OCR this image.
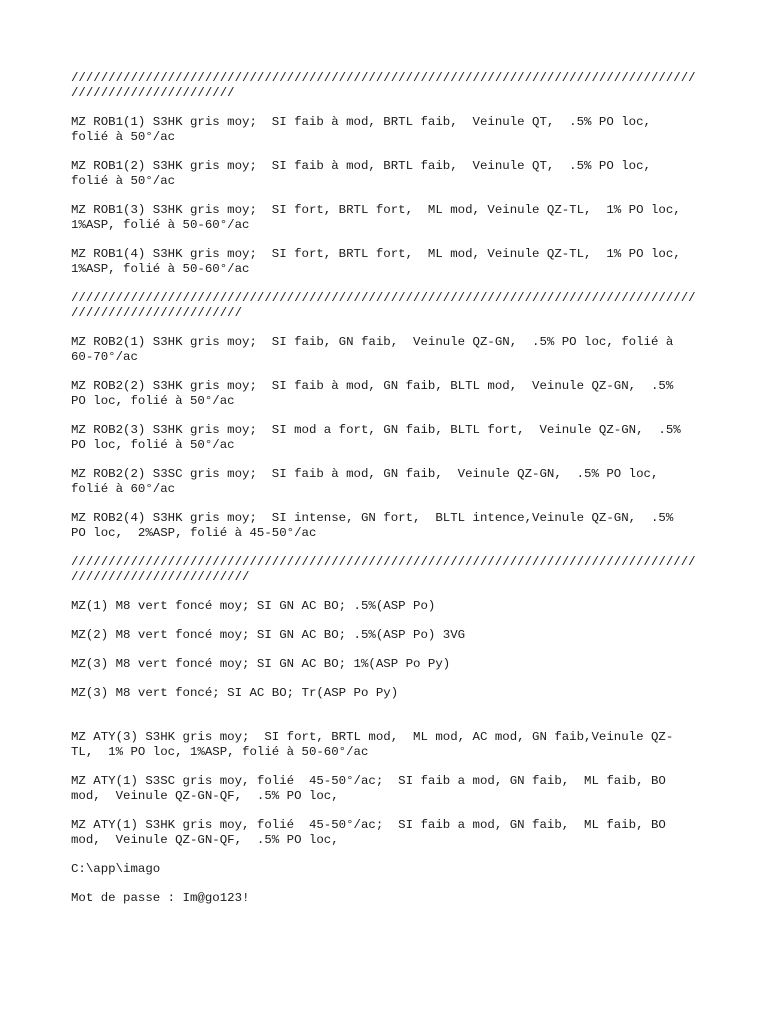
////////////////////////////////////////////////////////////////////////////////////
//////////////////////
MZ ROB1(1) S3HK gris moy;  SI faib à mod, BRTL faib,  Veinule QT,  .5% PO loc,
folié à 50°/ac
MZ ROB1(2) S3HK gris moy;  SI faib à mod, BRTL faib,  Veinule QT,  .5% PO loc,
folié à 50°/ac
MZ ROB1(3) S3HK gris moy;  SI fort, BRTL fort,  ML mod, Veinule QZ-TL,  1% PO loc,
1%ASP, folié à 50-60°/ac
MZ ROB1(4) S3HK gris moy;  SI fort, BRTL fort,  ML mod, Veinule QZ-TL,  1% PO loc,
1%ASP, folié à 50-60°/ac
////////////////////////////////////////////////////////////////////////////////////
///////////////////////
MZ ROB2(1) S3HK gris moy;  SI faib, GN faib,  Veinule QZ-GN,  .5% PO loc, folié à
60-70°/ac
MZ ROB2(2) S3HK gris moy;  SI faib à mod, GN faib, BLTL mod,  Veinule QZ-GN,  .5%
PO loc, folié à 50°/ac
MZ ROB2(3) S3HK gris moy;  SI mod a fort, GN faib, BLTL fort,  Veinule QZ-GN,  .5%
PO loc, folié à 50°/ac
MZ ROB2(2) S3SC gris moy;  SI faib à mod, GN faib,  Veinule QZ-GN,  .5% PO loc,
folié à 60°/ac
MZ ROB2(4) S3HK gris moy;  SI intense, GN fort,  BLTL intence,Veinule QZ-GN,  .5%
PO loc,  2%ASP, folié à 45-50°/ac
////////////////////////////////////////////////////////////////////////////////////
////////////////////////
MZ(1) M8 vert foncé moy; SI GN AC BO; .5%(ASP Po)
MZ(2) M8 vert foncé moy; SI GN AC BO; .5%(ASP Po) 3VG
MZ(3) M8 vert foncé moy; SI GN AC BO; 1%(ASP Po Py)
MZ(3) M8 vert foncé; SI AC BO; Tr(ASP Po Py)
MZ ATY(3) S3HK gris moy;  SI fort, BRTL mod,  ML mod, AC mod, GN faib,Veinule QZ-
TL,  1% PO loc, 1%ASP, folié à 50-60°/ac
MZ ATY(1) S3SC gris moy, folié  45-50°/ac;  SI faib a mod, GN faib,  ML faib, BO
mod,  Veinule QZ-GN-QF,  .5% PO loc,
MZ ATY(1) S3HK gris moy, folié  45-50°/ac;  SI faib a mod, GN faib,  ML faib, BO
mod,  Veinule QZ-GN-QF,  .5% PO loc,
C:\app\imago
Mot de passe : Im@go123!
